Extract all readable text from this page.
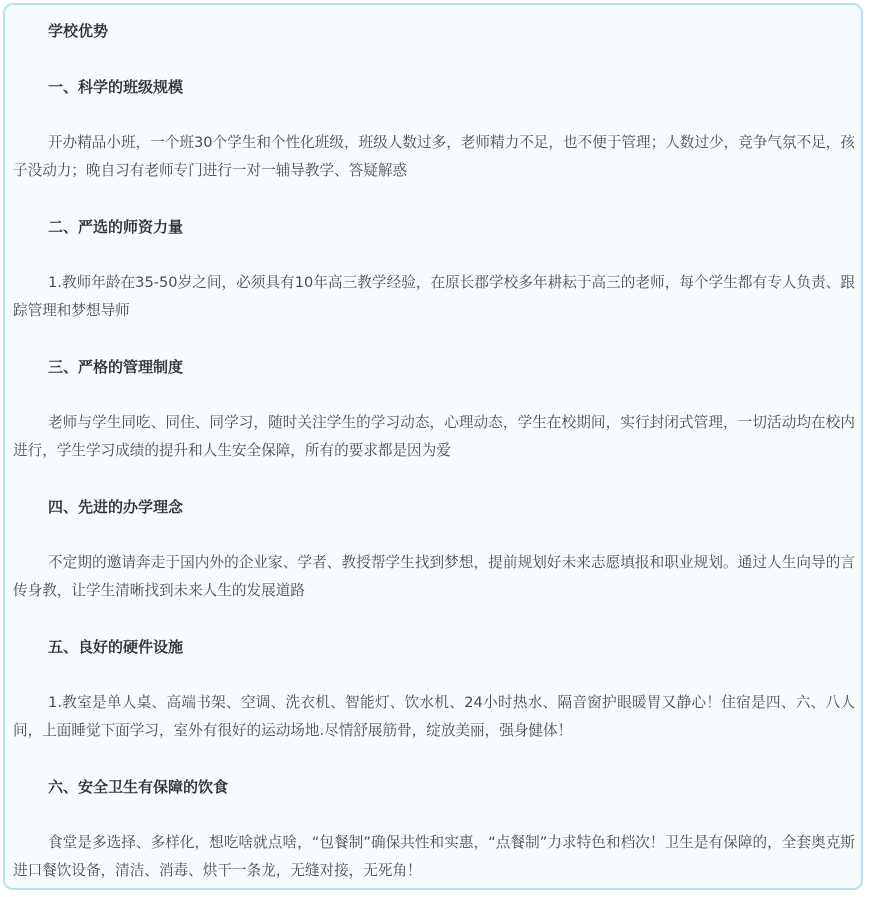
学校优势
一、科学的班级规模
开办精品小班，一个班30个学生和个性化班级，班级人数过多，老师精力不足，也不便于管理；人数过少，竞争气氛不足，孩子没动力；晚自习有老师专门进行一对一辅导教学、答疑解惑
二、严选的师资力量
1.教师年龄在35-50岁之间，必须具有10年高三教学经验，在原长郡学校多年耕耘于高三的老师，每个学生都有专人负责、跟踪管理和梦想导师
三、严格的管理制度
老师与学生同吃、同住、同学习，随时关注学生的学习动态，心理动态，学生在校期间，实行封闭式管理，一切活动均在校内进行，学生学习成绩的提升和人生安全保障，所有的要求都是因为爱
四、先进的办学理念
不定期的邀请奔走于国内外的企业家、学者、教授帮学生找到梦想，提前规划好未来志愿填报和职业规划。通过人生向导的言传身教，让学生清晰找到未来人生的发展道路
五、良好的硬件设施
1.教室是单人桌、高端书架、空调、洗衣机、智能灯、饮水机、24小时热水、隔音窗护眼暖胃又静心！住宿是四、六、八人间，上面睡觉下面学习，室外有很好的运动场地.尽情舒展筋骨，绽放美丽，强身健体！
六、安全卫生有保障的饮食
食堂是多选择、多样化，想吃啥就点啥，“包餐制”确保共性和实惠，“点餐制”力求特色和档次！卫生是有保障的，全套奥克斯进口餐饮设备，清洁、消毒、烘干一条龙，无缝对接，无死角！
